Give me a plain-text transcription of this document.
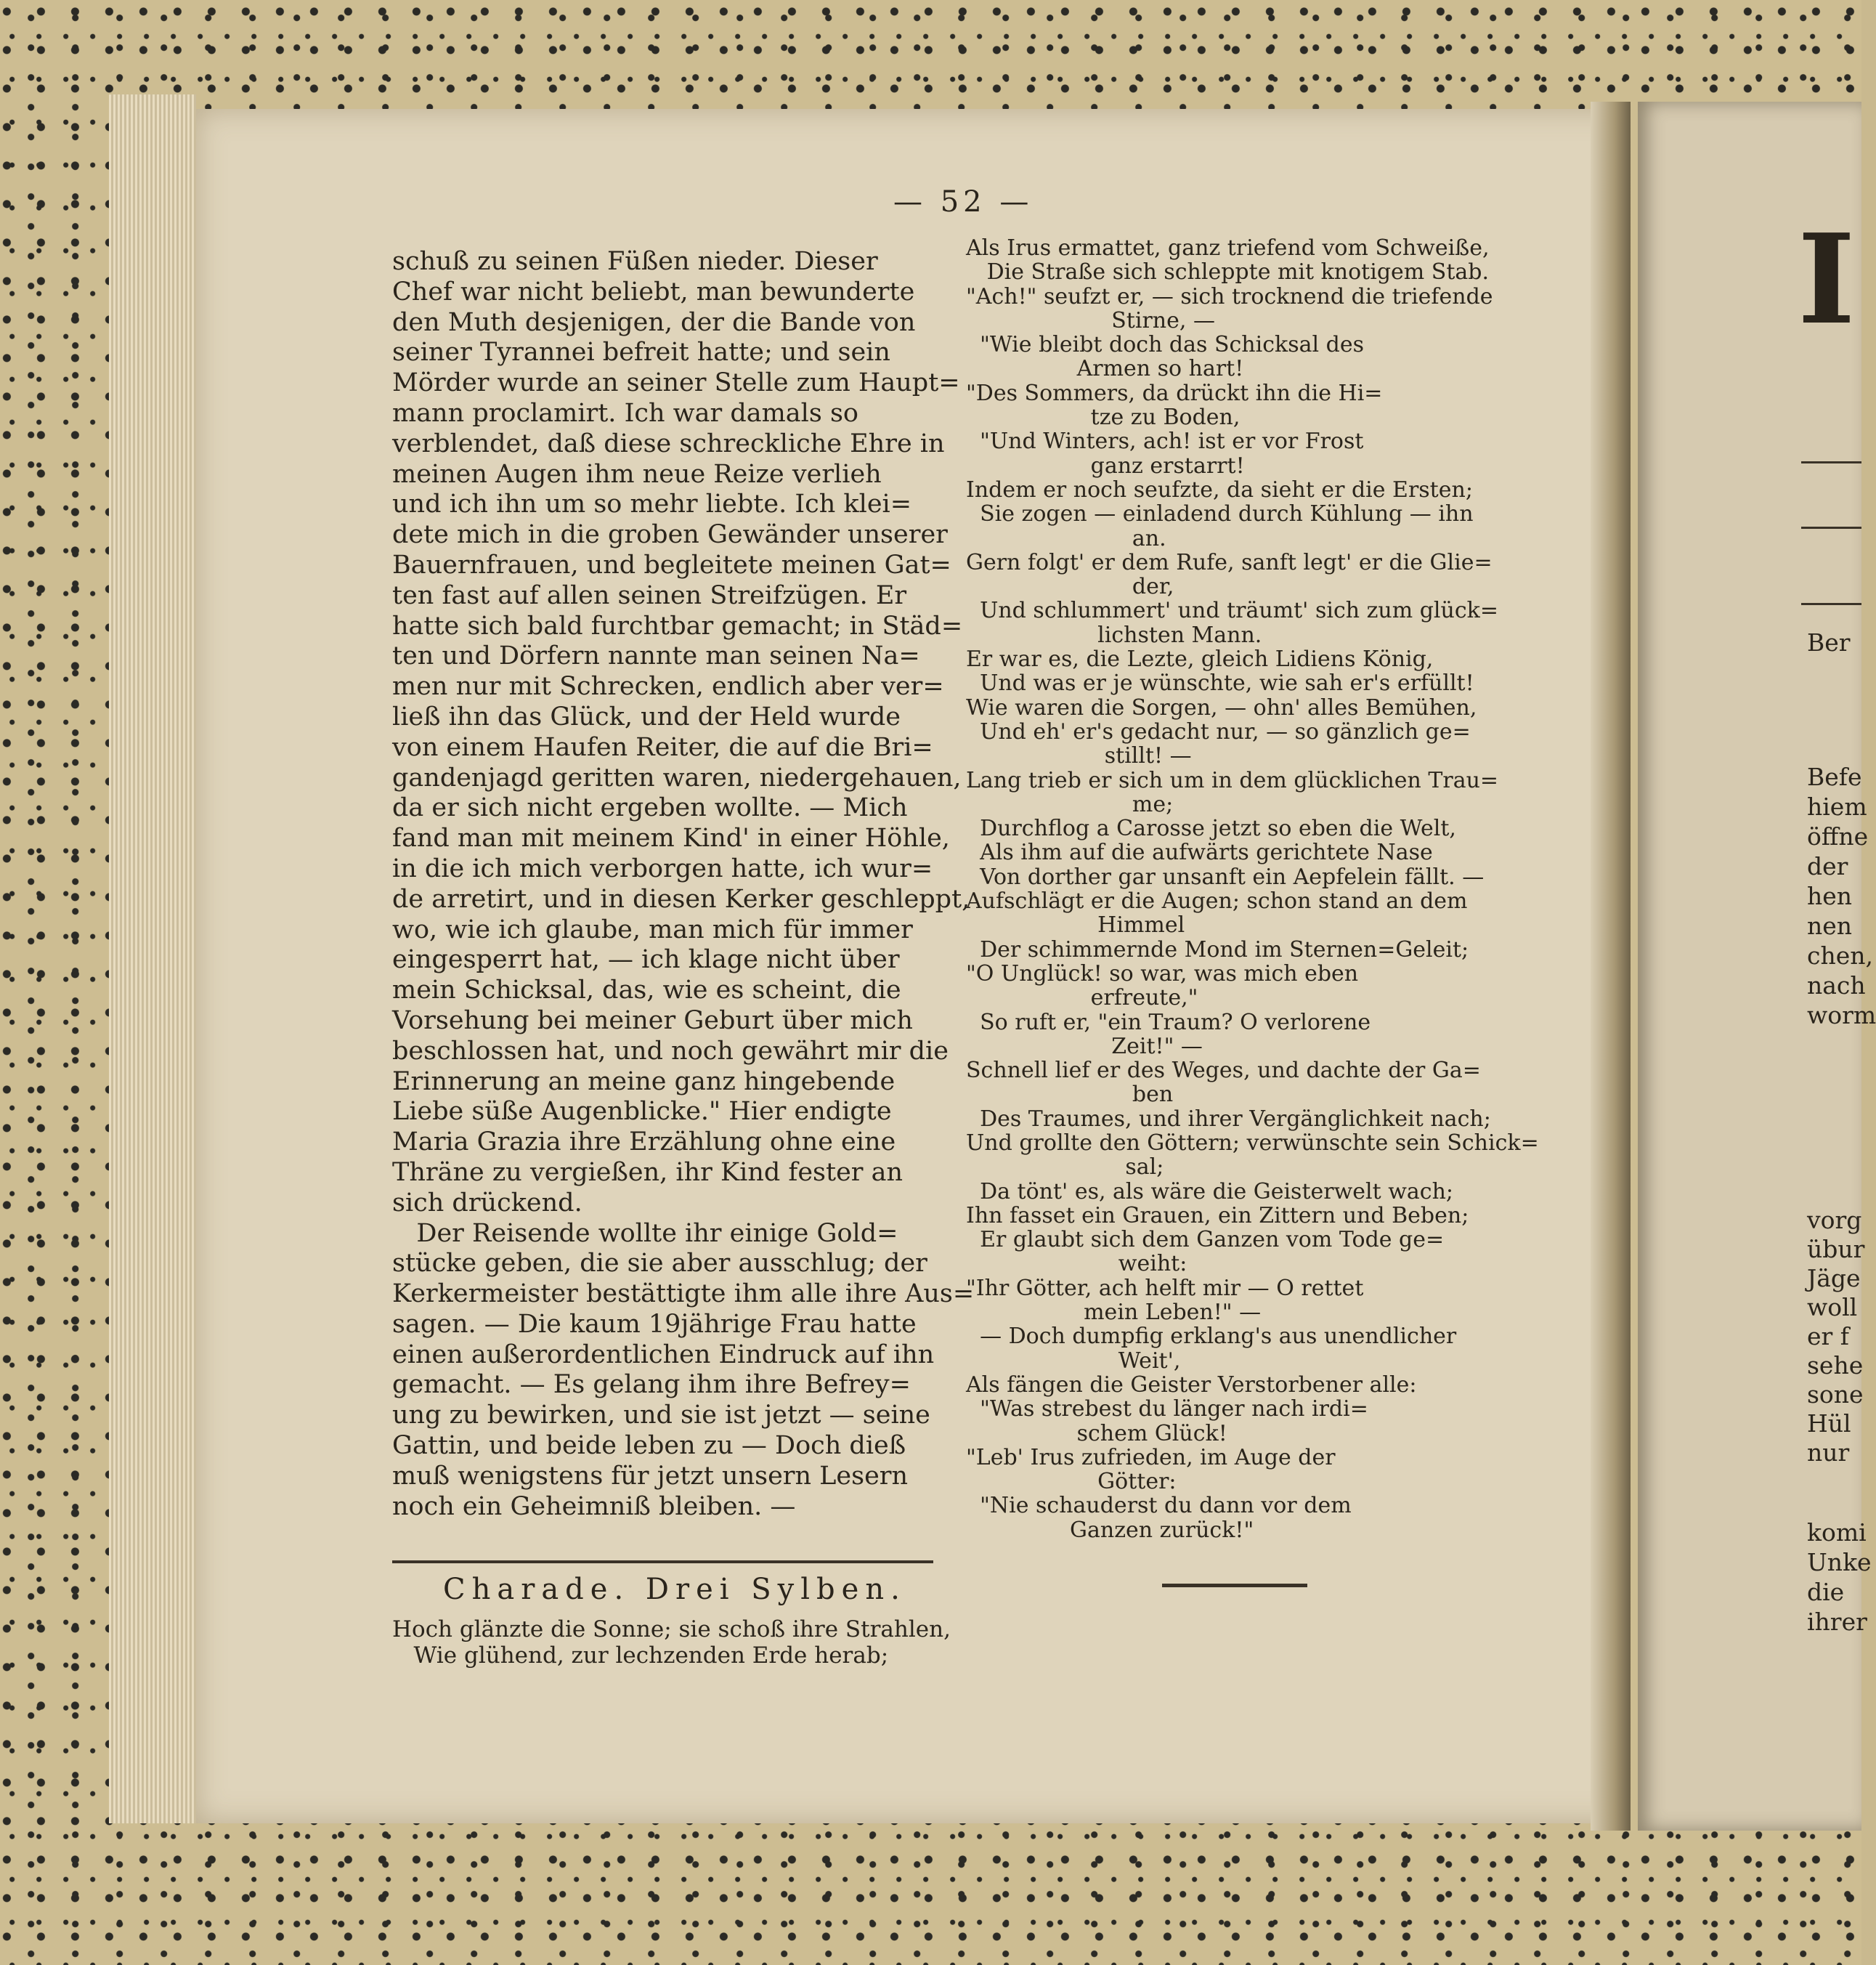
— 52 —

schuß zu seinen Füßen nieder. Dieser

Chef war nicht beliebt, man bewunderte

den Muth desjenigen, der die Bande von

seiner Tyrannei befreit hatte; und sein

Mörder wurde an seiner Stelle zum Haupt=

mann proclamirt. Ich war damals so

verblendet, daß diese schreckliche Ehre in

meinen Augen ihm neue Reize verlieh

und ich ihn um so mehr liebte. Ich klei=

dete mich in die groben Gewänder unserer

Bauernfrauen, und begleitete meinen Gat=

ten fast auf allen seinen Streifzügen. Er

hatte sich bald furchtbar gemacht; in Städ=

ten und Dörfern nannte man seinen Na=

men nur mit Schrecken, endlich aber ver=

ließ ihn das Glück, und der Held wurde

von einem Haufen Reiter, die auf die Bri=

gandenjagd geritten waren, niedergehauen,

da er sich nicht ergeben wollte. — Mich

fand man mit meinem Kind' in einer Höhle,

in die ich mich verborgen hatte, ich wur=

de arretirt, und in diesen Kerker geschleppt,

wo, wie ich glaube, man mich für immer

eingesperrt hat, — ich klage nicht über

mein Schicksal, das, wie es scheint, die

Vorsehung bei meiner Geburt über mich

beschlossen hat, und noch gewährt mir die

Erinnerung an meine ganz hingebende

Liebe süße Augenblicke." Hier endigte

Maria Grazia ihre Erzählung ohne eine

Thräne zu vergießen, ihr Kind fester an

sich drückend.

Der Reisende wollte ihr einige Gold=

stücke geben, die sie aber ausschlug; der

Kerkermeister bestättigte ihm alle ihre Aus=

sagen. — Die kaum 19jährige Frau hatte

einen außerordentlichen Eindruck auf ihn

gemacht. — Es gelang ihm ihre Befrey=

ung zu bewirken, und sie ist jetzt — seine

Gattin, und beide leben zu — Doch dieß

muß wenigstens für jetzt unsern Lesern

noch ein Geheimniß bleiben. —

Als Irus ermattet, ganz triefend vom Schweiße,

Die Straße sich schleppte mit knotigem Stab.

"Ach!" seufzt er, — sich trocknend die triefende

Stirne, —

"Wie bleibt doch das Schicksal des

Armen so hart!

"Des Sommers, da drückt ihn die Hi=

tze zu Boden,

"Und Winters, ach! ist er vor Frost

ganz erstarrt!

Indem er noch seufzte, da sieht er die Ersten;

Sie zogen — einladend durch Kühlung — ihn

an.

Gern folgt' er dem Rufe, sanft legt' er die Glie=

der,

Und schlummert' und träumt' sich zum glück=

lichsten Mann.

Er war es, die Lezte, gleich Lidiens König,

Und was er je wünschte, wie sah er's erfüllt!

Wie waren die Sorgen, — ohn' alles Bemühen,

Und eh' er's gedacht nur, — so gänzlich ge=

stillt! —

Lang trieb er sich um in dem glücklichen Trau=

me;

Durchflog a Carosse jetzt so eben die Welt,

Als ihm auf die aufwärts gerichtete Nase

Von dorther gar unsanft ein Aepfelein fällt. —

Aufschlägt er die Augen; schon stand an dem

Himmel

Der schimmernde Mond im Sternen=Geleit;

"O Unglück! so war, was mich eben

erfreute,"

So ruft er, "ein Traum? O verlorene

Zeit!" —

Schnell lief er des Weges, und dachte der Ga=

ben

Des Traumes, und ihrer Vergänglichkeit nach;

Und grollte den Göttern; verwünschte sein Schick=

sal;

Da tönt' es, als wäre die Geisterwelt wach;

Ihn fasset ein Grauen, ein Zittern und Beben;

Er glaubt sich dem Ganzen vom Tode ge=

weiht:

"Ihr Götter, ach helft mir — O rettet

mein Leben!" —

— Doch dumpfig erklang's aus unendlicher

Weit',

Als fängen die Geister Verstorbener alle:

"Was strebest du länger nach irdi=

schem Glück!

"Leb' Irus zufrieden, im Auge der

Götter:

"Nie schauderst du dann vor dem

Ganzen zurück!"

Charade. Drei Sylben.

Hoch glänzte die Sonne; sie schoß ihre Strahlen,

Wie glühend, zur lechzenden Erde herab;

I
Ber
Befe
hiem
öffne
der
hen
nen
chen,
nach
worm
vorg
übur
Jäge
woll
er f
sehe
sone
Hül
nur
komi
Unke
die
ihrer
